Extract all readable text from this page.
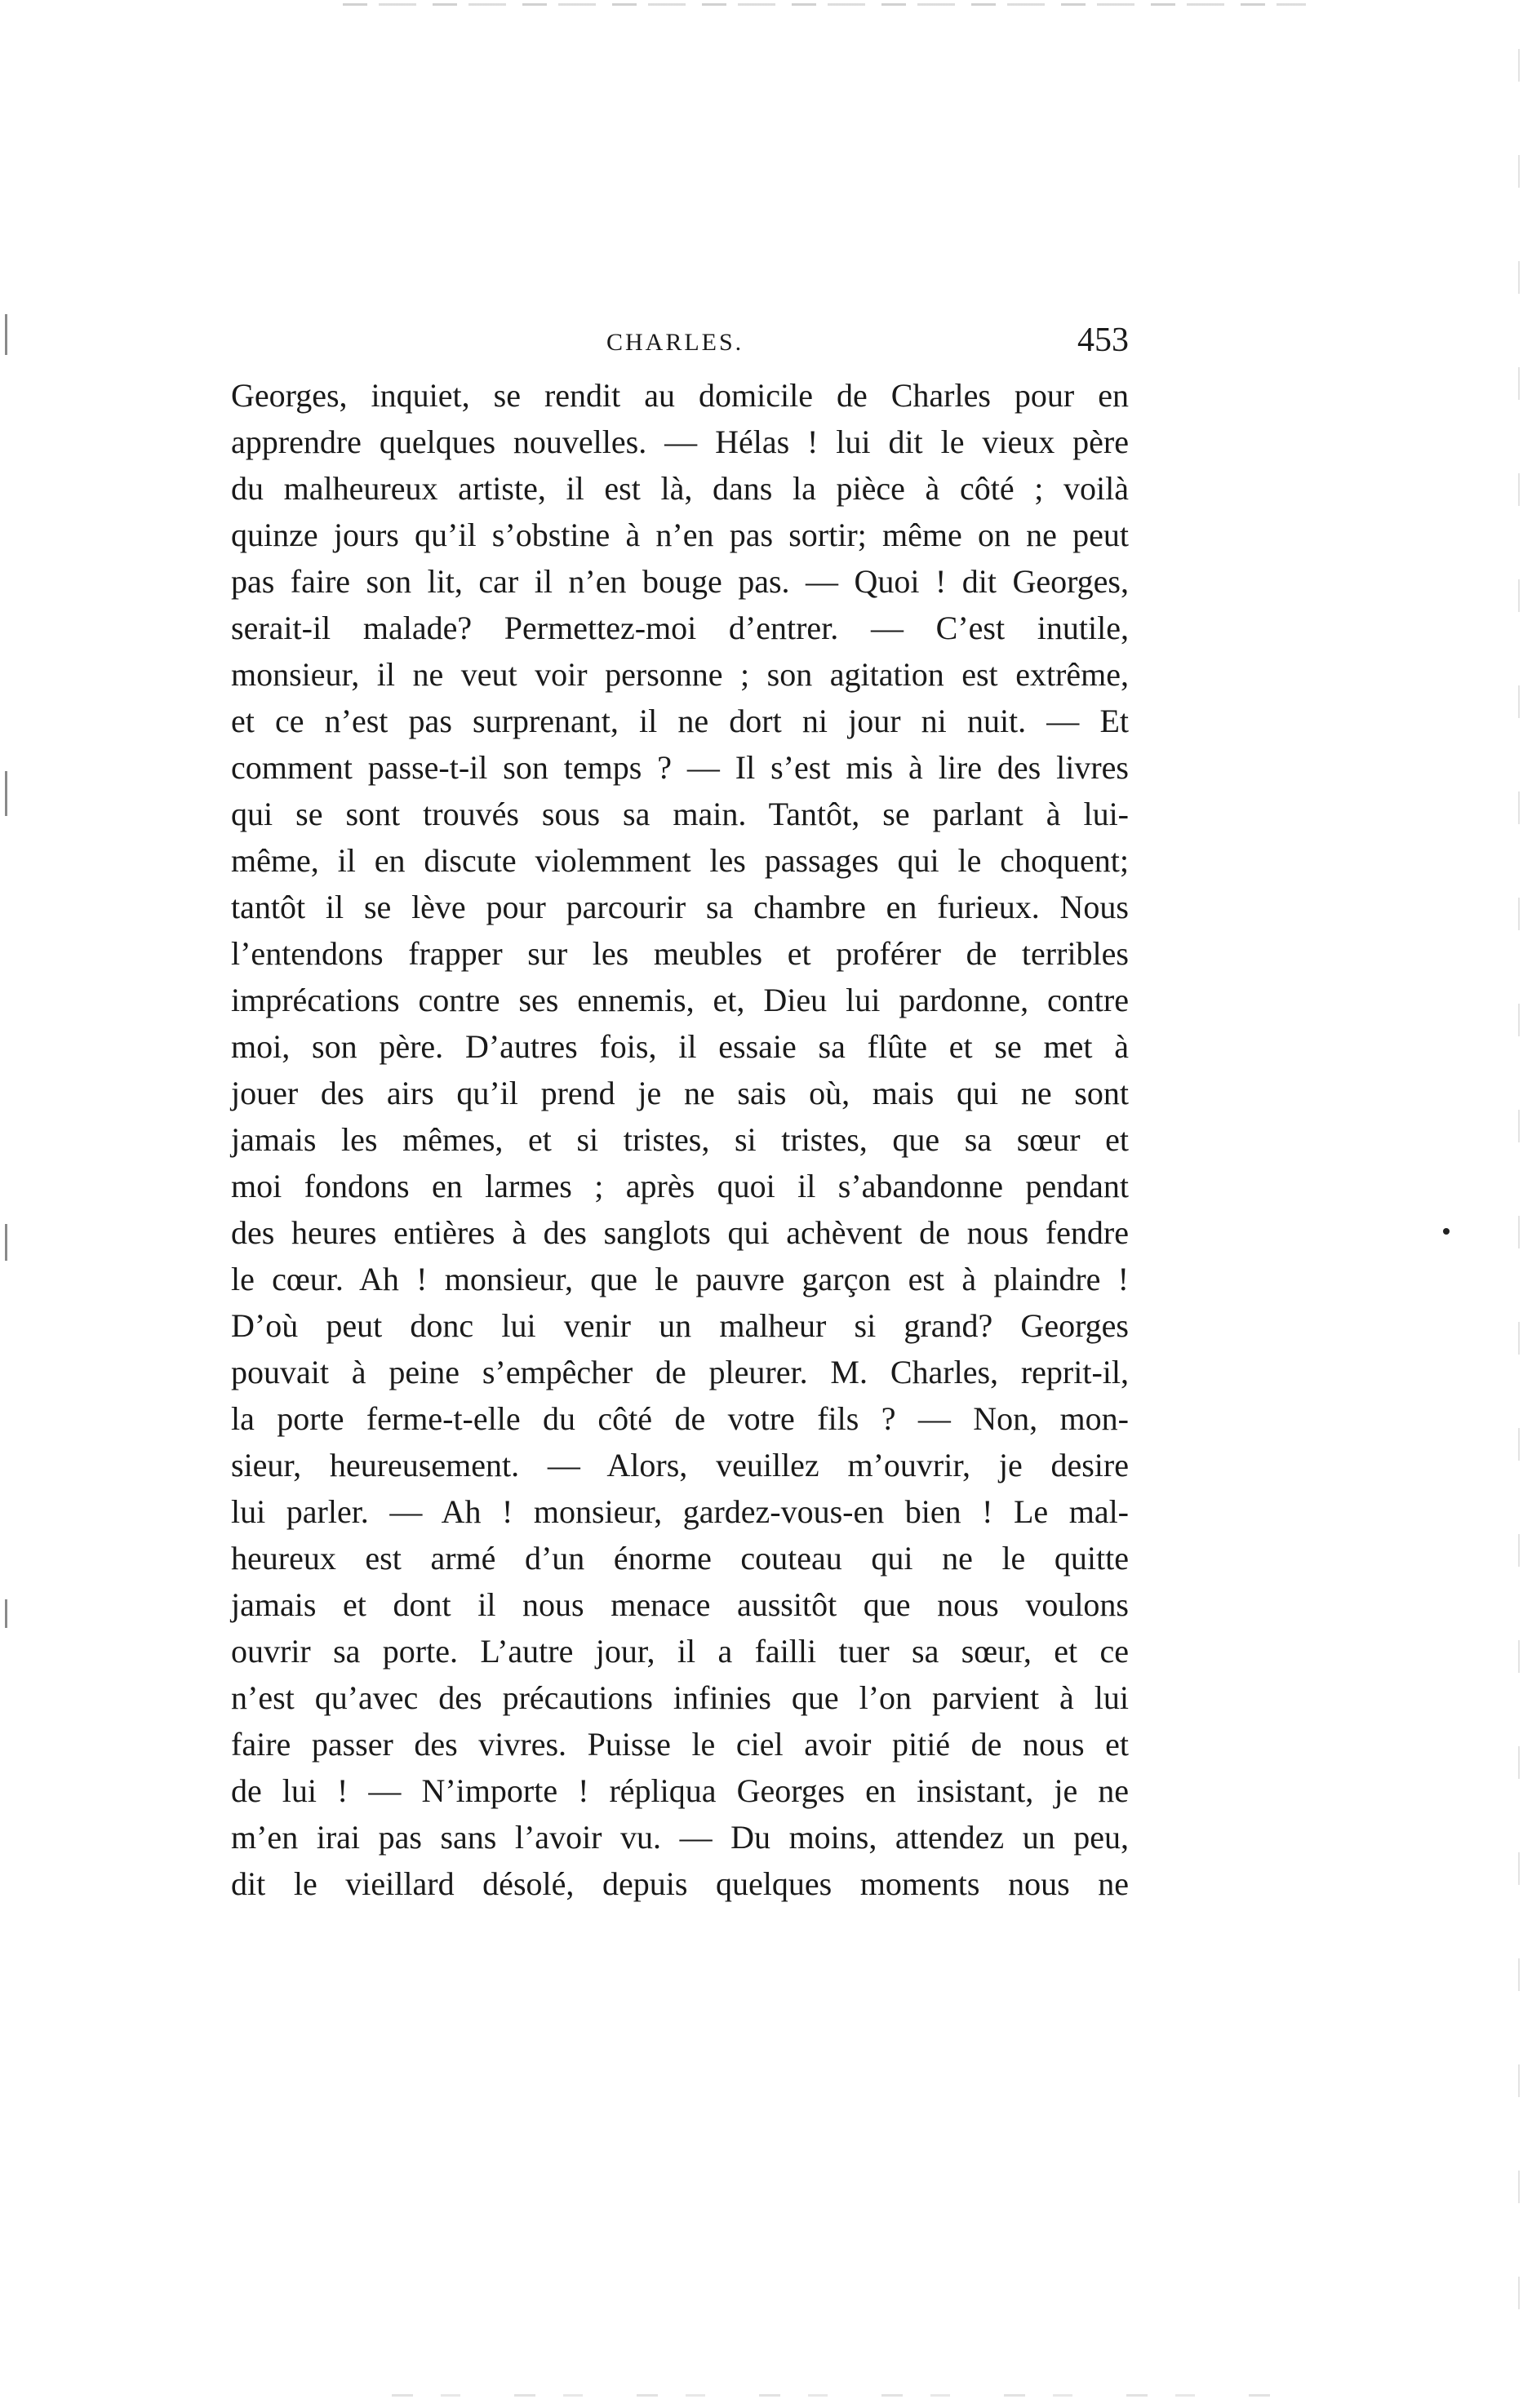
CHARLES.	453
Georges, inquiet, se rendit au domicile de Charles pour en
apprendre quelques nouvelles. — Hélas ! lui dit le vieux père
du malheureux artiste, il est là, dans la pièce à côté ; voilà
quinze jours qu’il s’obstine à n’en pas sortir; même on ne peut
pas faire son lit, car il n’en bouge pas. — Quoi ! dit Georges,
serait-il malade? Permettez-moi d’entrer. — C’est inutile,
monsieur, il ne veut voir personne ; son agitation est extrême,
et ce n’est pas surprenant, il ne dort ni jour ni nuit. — Et
comment passe-t-il son temps ? — Il s’est mis à lire des livres
qui se sont trouvés sous sa main. Tantôt, se parlant à lui-
même, il en discute violemment les passages qui le choquent;
tantôt il se lève pour parcourir sa chambre en furieux. Nous
l’entendons frapper sur les meubles et proférer de terribles
imprécations contre ses ennemis, et, Dieu lui pardonne, contre
moi, son père. D’autres fois, il essaie sa flûte et se met à
jouer des airs qu’il prend je ne sais où, mais qui ne sont
jamais les mêmes, et si tristes, si tristes, que sa sœur et
moi fondons en larmes ; après quoi il s’abandonne pendant
des heures entières à des sanglots qui achèvent de nous fendre
le cœur. Ah ! monsieur, que le pauvre garçon est à plaindre !
D’où peut donc lui venir un malheur si grand? Georges
pouvait à peine s’empêcher de pleurer. M. Charles, reprit-il,
la porte ferme-t-elle du côté de votre fils ? — Non, mon-
sieur, heureusement. — Alors, veuillez m’ouvrir, je desire
lui parler. — Ah ! monsieur, gardez-vous-en bien ! Le mal-
heureux est armé d’un énorme couteau qui ne le quitte
jamais et dont il nous menace aussitôt que nous voulons
ouvrir sa porte. L’autre jour, il a failli tuer sa sœur, et ce
n’est qu’avec des précautions infinies que l’on parvient à lui
faire passer des vivres. Puisse le ciel avoir pitié de nous et
de lui ! — N’importe ! répliqua Georges en insistant, je ne
m’en irai pas sans l’avoir vu. — Du moins, attendez un peu,
dit le vieillard désolé, depuis quelques moments nous ne
